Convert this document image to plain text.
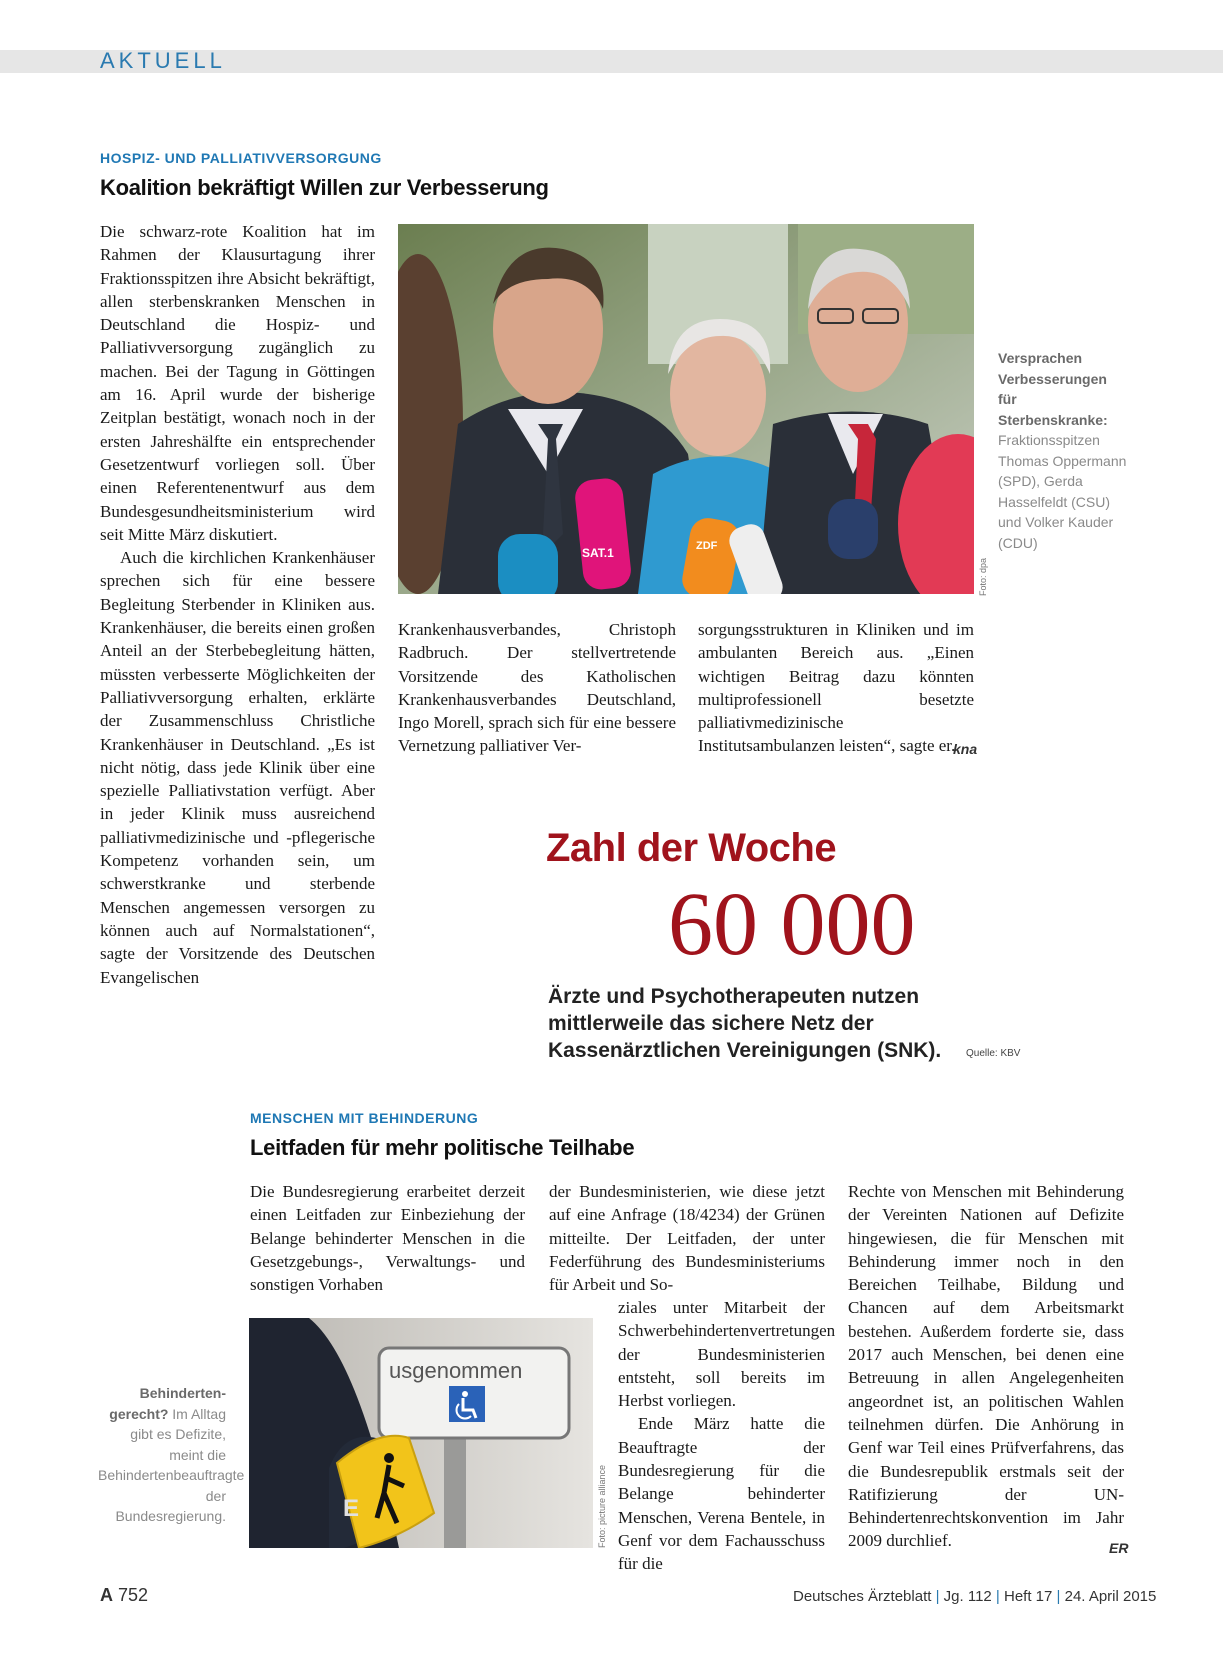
AKTUELL
HOSPIZ- UND PALLIATIVVERSORGUNG
Koalition bekräftigt Willen zur Verbesserung
Die schwarz-rote Koalition hat im Rahmen der Klausurtagung ihrer Fraktionsspitzen ihre Absicht bekräftigt, allen sterbenskranken Menschen in Deutschland die Hospiz- und Palliativversorgung zugänglich zu machen. Bei der Tagung in Göttingen am 16. April wurde der bisherige Zeitplan bestätigt, wonach noch in der ersten Jahreshälfte ein entsprechender Gesetzentwurf vorliegen soll. Über einen Referentenentwurf aus dem Bundesgesundheitsministerium wird seit Mitte März diskutiert.
Auch die kirchlichen Krankenhäuser sprechen sich für eine bessere Begleitung Sterbender in Kliniken aus. Krankenhäuser, die bereits einen großen Anteil an der Sterbebegleitung hätten, müssten verbesserte Möglichkeiten der Palliativversorgung erhalten, erklärte der Zusammenschluss Christliche Krankenhäuser in Deutschland. „Es ist nicht nötig, dass jede Klinik über eine spezielle Palliativstation verfügt. Aber in jeder Klinik muss ausreichend palliativmedizinische und -pflegerische Kompetenz vorhanden sein, um schwerstkranke und sterbende Menschen angemessen versorgen zu können auch auf Normalstationen“, sagte der Vorsitzende des Deutschen Evangelischen
SAT.1	ZDF
Foto: dpa
Versprachen Verbesserungen für Sterbenskranke: Fraktionsspitzen Thomas Oppermann (SPD), Gerda Hasselfeldt (CSU) und Volker Kauder (CDU)
Krankenhausverbandes, Christoph Radbruch. Der stellvertretende Vorsitzende des Katholischen Krankenhausverbandes Deutschland, Ingo Morell, sprach sich für eine bessere Vernetzung palliativer Ver-
sorgungsstrukturen in Kliniken und im ambulanten Bereich aus. „Einen wichtigen Beitrag dazu könnten multiprofessionell besetzte palliativmedizinische Institutsambulanzen leisten“, sagte er.
kna
Zahl der Woche
60 000
Ärzte und Psychotherapeuten nutzen mittlerweile das sichere Netz der Kassenärztlichen Vereinigungen (SNK).	Quelle: KBV
MENSCHEN MIT BEHINDERUNG
Leitfaden für mehr politische Teilhabe
Die Bundesregierung erarbeitet derzeit einen Leitfaden zur Einbeziehung der Belange behinderter Menschen in die Gesetzgebungs-, Verwaltungs- und sonstigen Vorhaben
usgenommen
E	Foto: picture alliance
Behinderten-gerecht? Im Alltag gibt es Defizite, meint die Behindertenbeauftragte der Bundesregierung.
der Bundesministerien, wie diese jetzt auf eine Anfrage (18/4234) der Grünen mitteilte. Der Leitfaden, der unter Federführung des Bundesministeriums für Arbeit und So-
ziales unter Mitarbeit der Schwerbehindertenvertretungen der Bundesministerien entsteht, soll bereits im Herbst vorliegen.
Ende März hatte die Beauftragte der Bundesregierung für die Belange behinderter Menschen, Verena Bentele, in Genf vor dem Fachausschuss für die
Rechte von Menschen mit Behinderung der Vereinten Nationen auf Defizite hingewiesen, die für Menschen mit Behinderung immer noch in den Bereichen Teilhabe, Bildung und Chancen auf dem Arbeitsmarkt bestehen. Außerdem forderte sie, dass 2017 auch Menschen, bei denen eine Betreuung in allen Angelegenheiten angeordnet ist, an politischen Wahlen teilnehmen dürfen. Die Anhörung in Genf war Teil eines Prüfverfahrens, das die Bundesrepublik erstmals seit der Ratifizierung der UN-Behindertenrechtskonvention im Jahr 2009 durchlief.	ER
A 752	Deutsches Ärzteblatt | Jg. 112 | Heft 17 | 24. April 2015
